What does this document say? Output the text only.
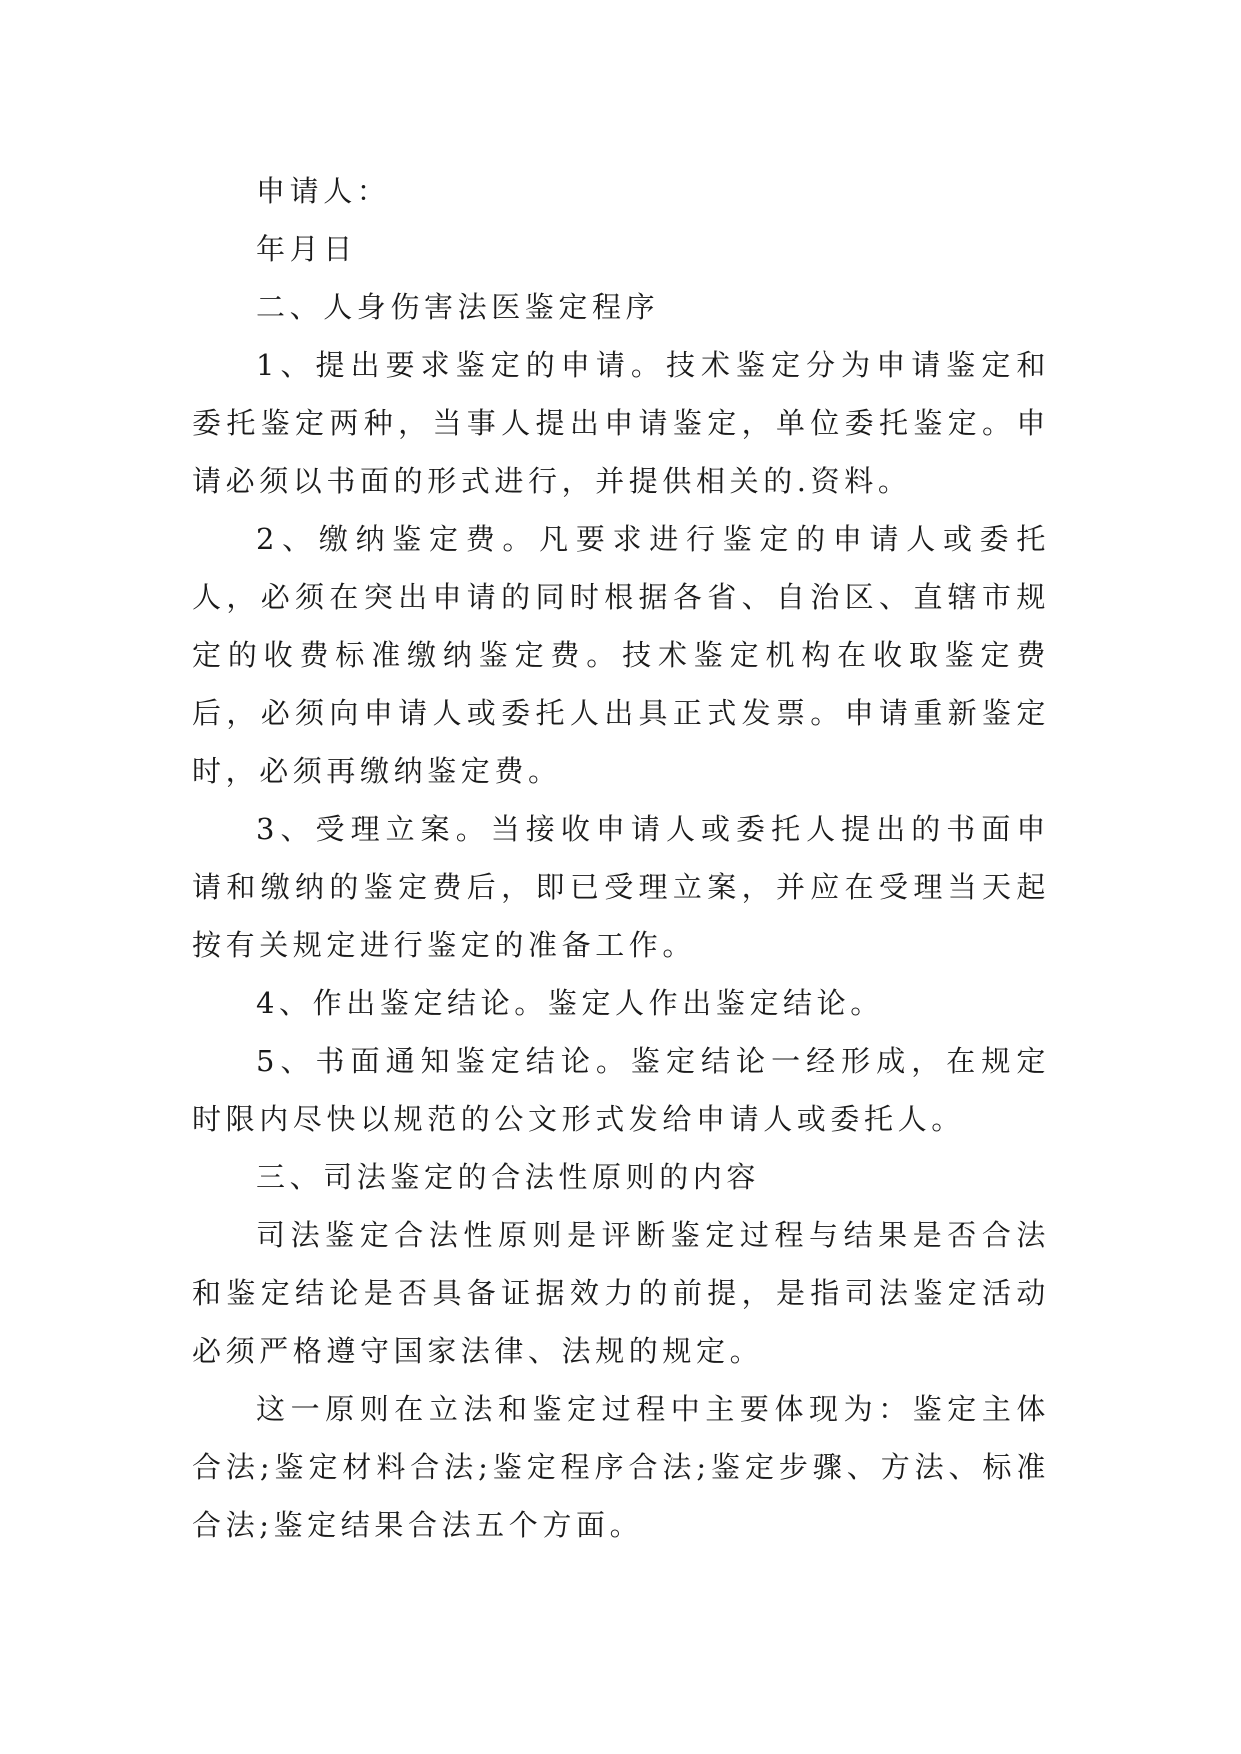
申请人：

年月日

二、人身伤害法医鉴定程序

1、提出要求鉴定的申请。技术鉴定分为申请鉴定和委托鉴定两种，当事人提出申请鉴定，单位委托鉴定。申请必须以书面的形式进行，并提供相关的.资料。

2、缴纳鉴定费。凡要求进行鉴定的申请人或委托人，必须在突出申请的同时根据各省、自治区、直辖市规定的收费标准缴纳鉴定费。技术鉴定机构在收取鉴定费后，必须向申请人或委托人出具正式发票。申请重新鉴定时，必须再缴纳鉴定费。

3、受理立案。当接收申请人或委托人提出的书面申请和缴纳的鉴定费后，即已受理立案，并应在受理当天起按有关规定进行鉴定的准备工作。

4、作出鉴定结论。鉴定人作出鉴定结论。

5、书面通知鉴定结论。鉴定结论一经形成，在规定时限内尽快以规范的公文形式发给申请人或委托人。

三、司法鉴定的合法性原则的内容

司法鉴定合法性原则是评断鉴定过程与结果是否合法和鉴定结论是否具备证据效力的前提，是指司法鉴定活动必须严格遵守国家法律、法规的规定。

这一原则在立法和鉴定过程中主要体现为：鉴定主体合法;鉴定材料合法;鉴定程序合法;鉴定步骤、方法、标准合法;鉴定结果合法五个方面。
